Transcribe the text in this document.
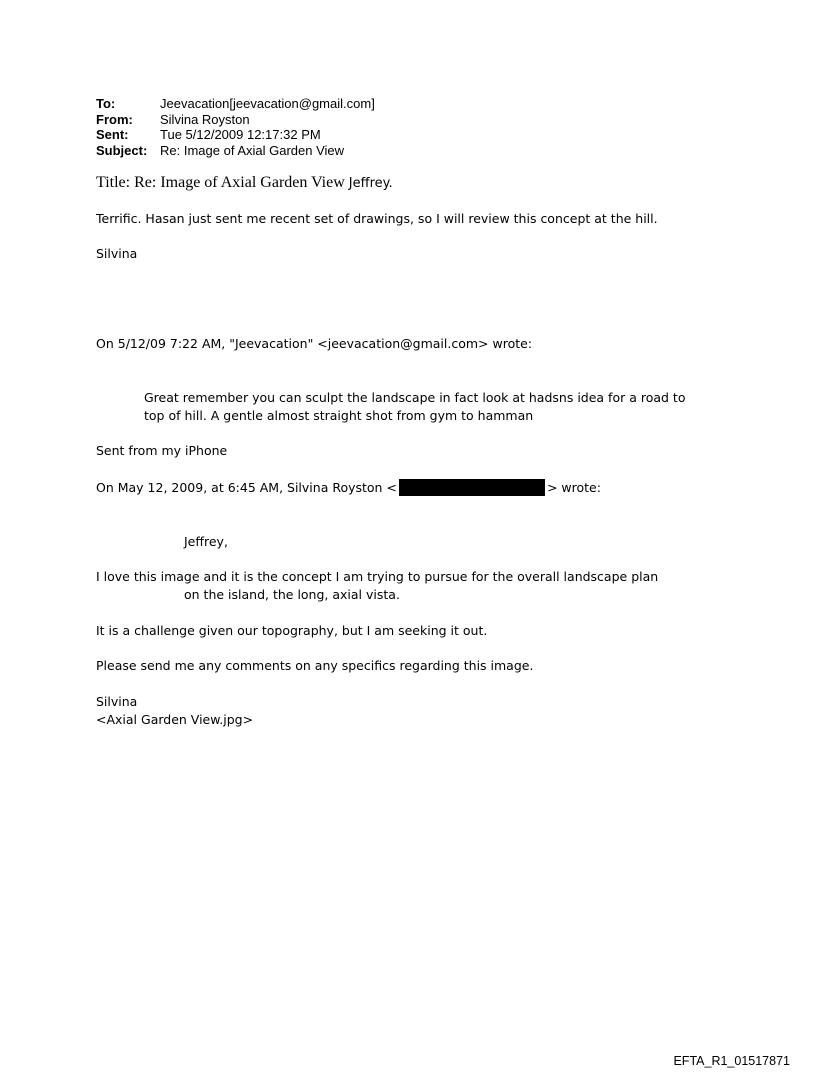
To:	Jeevacation[jeevacation@gmail.com]
From:	Silvina Royston
Sent:	Tue 5/12/2009 12:17:32 PM
Subject: Re: Image of Axial Garden View
Title: Re: Image of Axial Garden View Jeffrey.
Terrific. Hasan just sent me recent set of drawings, so I will review this concept at the hill.
Silvina
On 5/12/09 7:22 AM, "Jeevacation" <jeevacation@gmail.com> wrote:
Great remember you can sculpt the landscape in fact look at hadsns idea for a road to
top of hill. A gentle almost straight shot from gym to hamman
Sent from my iPhone
On May 12, 2009, at 6:45 AM, Silvina Royston <	> wrote:
Jeffrey,
I love this image and it is the concept I am trying to pursue for the overall landscape plan
on the island, the long, axial vista.
It is a challenge given our topography, but I am seeking it out.
Please send me any comments on any specifics regarding this image.
Silvina
<Axial Garden View.jpg>
EFTA_R1_01517871
